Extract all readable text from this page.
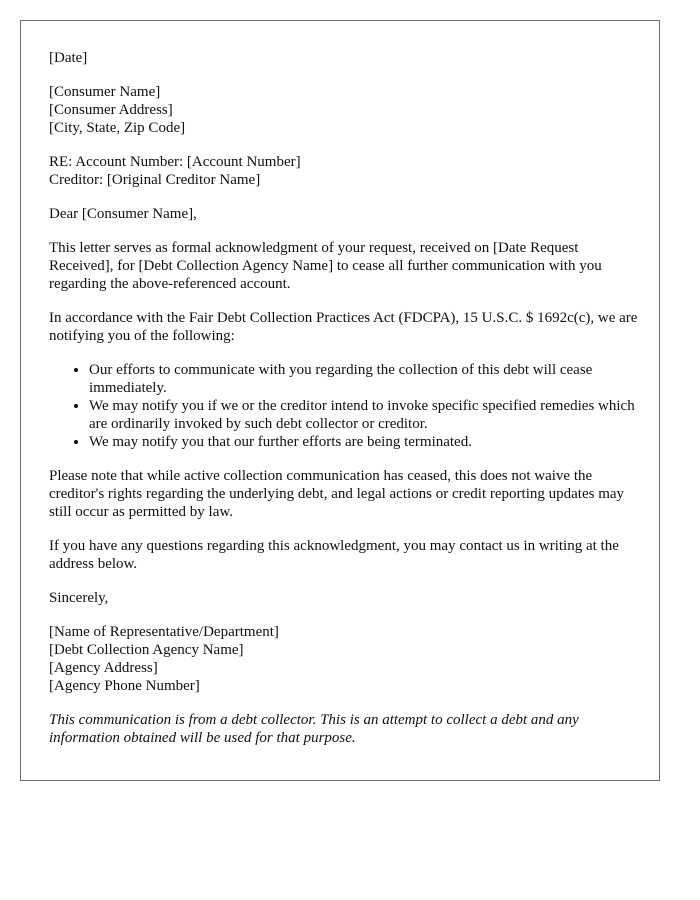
[Date]

[Consumer Name]
[Consumer Address]
[City, State, Zip Code]

RE: Account Number: [Account Number]
Creditor: [Original Creditor Name]

Dear [Consumer Name],

This letter serves as formal acknowledgment of your request, received on [Date Request Received], for [Debt Collection Agency Name] to cease all further communication with you regarding the above-referenced account.

In accordance with the Fair Debt Collection Practices Act (FDCPA), 15 U.S.C. $ 1692c(c), we are notifying you of the following:

• Our efforts to communicate with you regarding the collection of this debt will cease immediately.
• We may notify you if we or the creditor intend to invoke specific specified remedies which are ordinarily invoked by such debt collector or creditor.
• We may notify you that our further efforts are being terminated.

Please note that while active collection communication has ceased, this does not waive the creditor's rights regarding the underlying debt, and legal actions or credit reporting updates may still occur as permitted by law.

If you have any questions regarding this acknowledgment, you may contact us in writing at the address below.

Sincerely,

[Name of Representative/Department]
[Debt Collection Agency Name]
[Agency Address]
[Agency Phone Number]

This communication is from a debt collector. This is an attempt to collect a debt and any information obtained will be used for that purpose.
